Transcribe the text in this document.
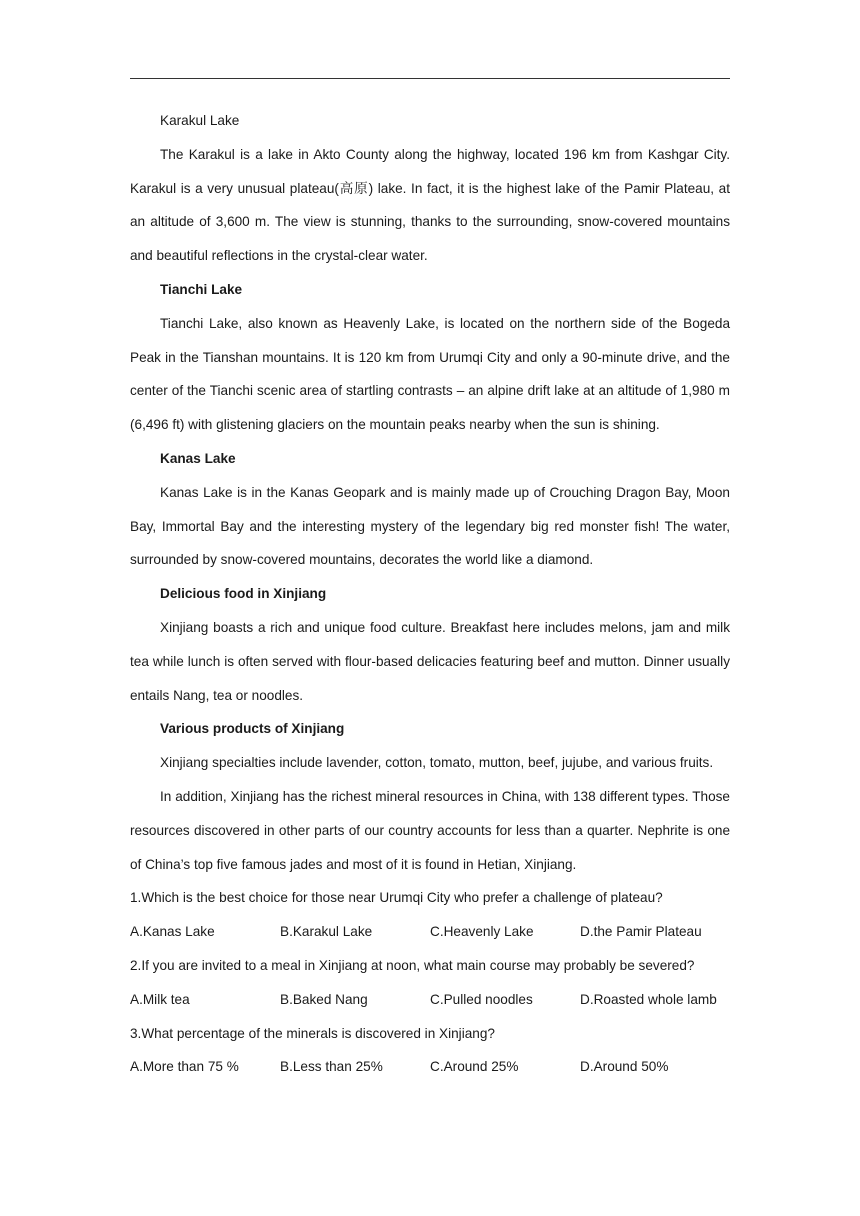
Karakul Lake

The Karakul is a lake in Akto County along the highway, located 196 km from Kashgar City. Karakul is a very unusual plateau(高原) lake. In fact, it is the highest lake of the Pamir Plateau, at an altitude of 3,600 m. The view is stunning, thanks to the surrounding, snow-covered mountains and beautiful reflections in the crystal-clear water.

Tianchi Lake

Tianchi Lake, also known as Heavenly Lake, is located on the northern side of the Bogeda Peak in the Tianshan mountains. It is 120 km from Urumqi City and only a 90-minute drive, and the center of the Tianchi scenic area of startling contrasts – an alpine drift lake at an altitude of 1,980 m (6,496 ft) with glistening glaciers on the mountain peaks nearby when the sun is shining.

Kanas Lake

Kanas Lake is in the Kanas Geopark and is mainly made up of Crouching Dragon Bay, Moon Bay, Immortal Bay and the interesting mystery of the legendary big red monster fish! The water, surrounded by snow-covered mountains, decorates the world like a diamond.

Delicious food in Xinjiang

Xinjiang boasts a rich and unique food culture. Breakfast here includes melons, jam and milk tea while lunch is often served with flour-based delicacies featuring beef and mutton. Dinner usually entails Nang, tea or noodles.

Various products of Xinjiang

Xinjiang specialties include lavender, cotton, tomato, mutton, beef, jujube, and various fruits.

In addition, Xinjiang has the richest mineral resources in China, with 138 different types. Those resources discovered in other parts of our country accounts for less than a quarter. Nephrite is one of China’s top five famous jades and most of it is found in Hetian, Xinjiang.

1.Which is the best choice for those near Urumqi City who prefer a challenge of plateau?

A.Kanas Lake	B.Karakul Lake	C.Heavenly Lake	D.the Pamir Plateau

2.If you are invited to a meal in Xinjiang at noon, what main course may probably be severed?

A.Milk tea	B.Baked Nang	C.Pulled noodles	D.Roasted whole lamb

3.What percentage of the minerals is discovered in Xinjiang?

A.More than 75 %	B.Less than 25%	C.Around 25%	D.Around 50%
